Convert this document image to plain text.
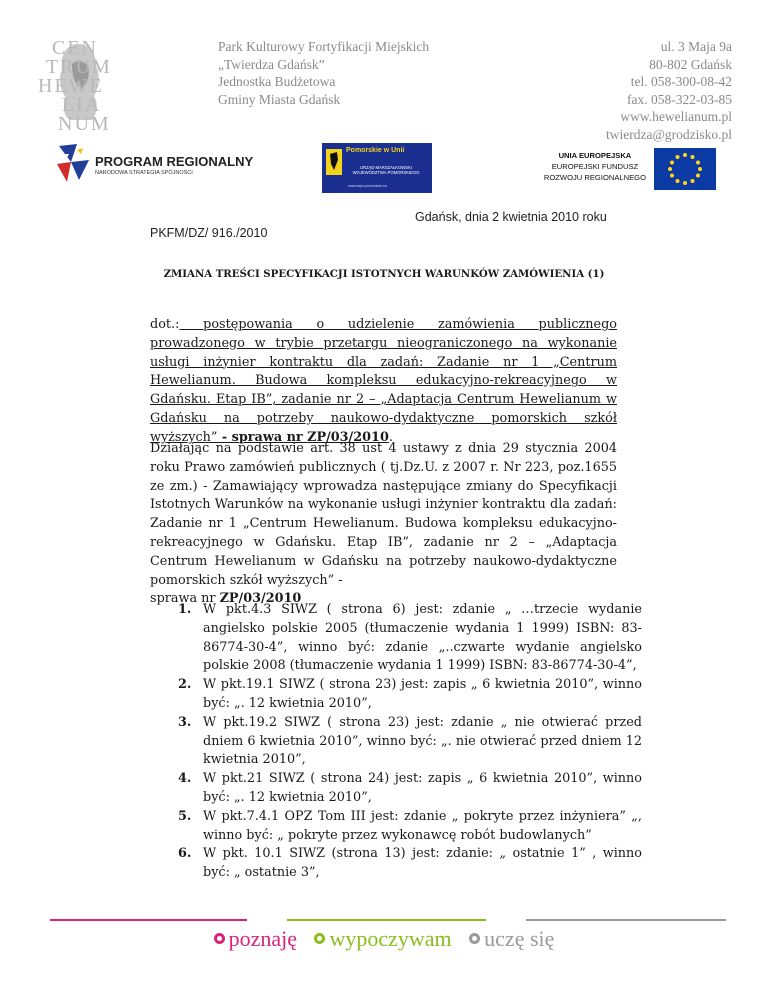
CEN
TRUM
HEWE
LIA
NUM
Park Kulturowy Fortyfikacji Miejskich
„Twierdza Gdańsk”
Jednostka Budżetowa
Gminy Miasta Gdańsk
ul. 3 Maja 9a
80-802 Gdańsk
tel. 058-300-08-42
fax. 058-322-03-85
www.hewelianum.pl
twierdza@grodzisko.pl
PROGRAM REGIONALNY
NARODOWA STRATEGIA SPÓJNOŚCI
Pomorskie w Unii
URZĄD MARSZAŁKOWSKI WOJEWÓDZTWA POMORSKIEGO
www.wrpo.pomorskie.eu
UNIA EUROPEJSKA
EUROPEJSKI FUNDUSZ
ROZWOJU REGIONALNEGO
Gdańsk, dnia 2 kwietnia 2010 roku
PKFM/DZ/ 916./2010
ZMIANA TREŚCI SPECYFIKACJI ISTOTNYCH WARUNKÓW ZAMÓWIENIA (1)
dot.: postępowania o udzielenie zamówienia publicznego prowadzonego w trybie przetargu nieograniczonego na wykonanie usługi inżynier kontraktu dla zadań: Zadanie nr 1 „Centrum Hewelianum. Budowa kompleksu edukacyjno-rekreacyjnego w Gdańsku. Etap IB”, zadanie nr 2 – „Adaptacja Centrum Hewelianum w Gdańsku na potrzeby naukowo-dydaktyczne pomorskich szkół wyższych” - sprawa nr ZP/03/2010.
Działając na podstawie art. 38 ust 4 ustawy z dnia 29 stycznia 2004 roku Prawo zamówień publicznych ( tj.Dz.U. z 2007 r. Nr 223, poz.1655 ze zm.) - Zamawiający wprowadza następujące zmiany do Specyfikacji Istotnych Warunków na wykonanie usługi inżynier kontraktu dla zadań: Zadanie nr 1 „Centrum Hewelianum. Budowa kompleksu edukacyjno-rekreacyjnego w Gdańsku. Etap IB”, zadanie nr 2 – „Adaptacja Centrum Hewelianum w Gdańsku na potrzeby naukowo-dydaktyczne pomorskich szkół wyższych” -
sprawa nr ZP/03/2010
1. W pkt.4.3 SIWZ ( strona 6) jest: zdanie „ …trzecie wydanie angielsko polskie 2005 (tłumaczenie wydania 1 1999) ISBN: 83-86774-30-4”, winno być: zdanie „..czwarte wydanie angielsko polskie 2008 (tłumaczenie wydania 1 1999) ISBN: 83-86774-30-4”,
2. W pkt.19.1 SIWZ ( strona 23) jest: zapis „ 6 kwietnia 2010”, winno być: „. 12 kwietnia 2010”,
3. W pkt.19.2 SIWZ ( strona 23) jest: zdanie „ nie otwierać przed dniem 6 kwietnia 2010”, winno być: „. nie otwierać przed dniem 12 kwietnia 2010”,
4. W pkt.21 SIWZ ( strona 24) jest: zapis „ 6 kwietnia 2010”, winno być: „. 12 kwietnia 2010”,
5. W pkt.7.4.1 OPZ Tom III jest: zdanie „ pokryte przez inżyniera” „, winno być: „ pokryte przez wykonawcę robót budowlanych”
6. W pkt. 10.1 SIWZ (strona 13) jest: zdanie: „ ostatnie 1” , winno być: „ ostatnie 3”,
poznaję wypoczywam uczę się
